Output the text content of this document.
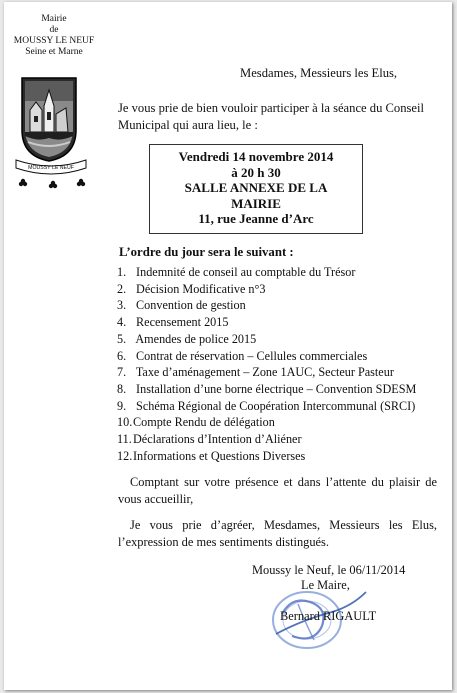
Mairie
de
MOUSSY LE NEUF
Seine et Marne
MOUSSY LE NEUF
Mesdames, Messieurs les Elus,
Je vous prie de bien vouloir participer à la séance du Conseil Municipal qui aura lieu, le :
Vendredi 14 novembre 2014
à 20 h 30
SALLE ANNEXE DE LA
MAIRIE
11, rue Jeanne d’Arc
L’ordre du jour sera le suivant :
1. Indemnité de conseil au comptable du Trésor
2. Décision Modificative n°3
3. Convention de gestion
4. Recensement 2015
5. Amendes de police 2015
6. Contrat de réservation – Cellules commerciales
7. Taxe d’aménagement – Zone 1AUC, Secteur Pasteur
8. Installation d’une borne électrique – Convention SDESM
9. Schéma Régional de Coopération Intercommunal (SRCI)
10.Compte Rendu de délégation
11.Déclarations d’Intention d’Aliéner
12.Informations et Questions Diverses
Comptant sur votre présence et dans l’attente du plaisir de vous accueillir,
Je vous prie d’agréer, Mesdames, Messieurs les Elus, l’expression de mes sentiments distingués.
Moussy le Neuf, le 06/11/2014
Le Maire,
Bernard RIGAULT
